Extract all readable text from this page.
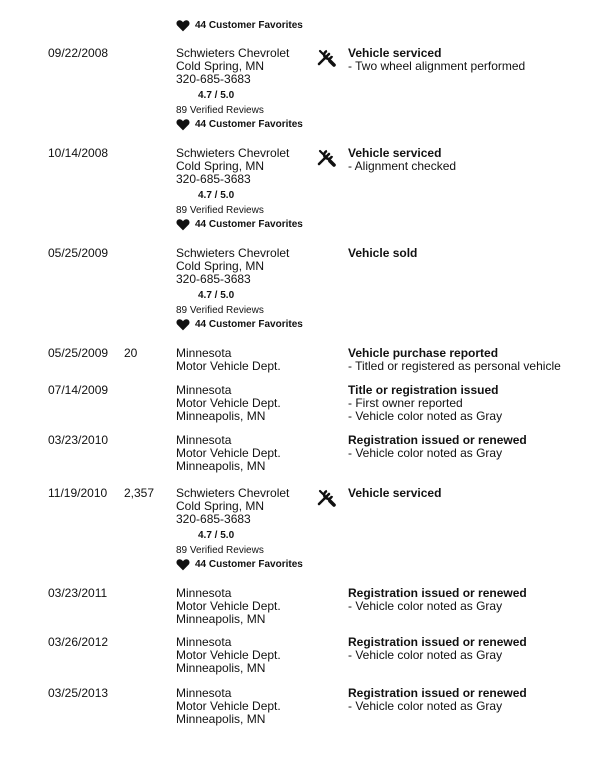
44 Customer Favorites
09/22/2008	Schwieters Chevrolet
Cold Spring, MN
320-685-3683
4.7 / 5.0
89 Verified Reviews
44 Customer Favorites
Vehicle serviced
- Two wheel alignment performed
10/14/2008	Schwieters Chevrolet
Cold Spring, MN
320-685-3683
4.7 / 5.0
89 Verified Reviews
44 Customer Favorites
Vehicle serviced
- Alignment checked
05/25/2009	Schwieters Chevrolet
Cold Spring, MN
320-685-3683
4.7 / 5.0
89 Verified Reviews
44 Customer Favorites
Vehicle sold
05/25/2009 20	Minnesota
Motor Vehicle Dept.
Vehicle purchase reported
- Titled or registered as personal vehicle
07/14/2009	Minnesota
Motor Vehicle Dept.
Minneapolis, MN
Title or registration issued
- First owner reported
- Vehicle color noted as Gray
03/23/2010	Minnesota
Motor Vehicle Dept.
Minneapolis, MN
Registration issued or renewed
- Vehicle color noted as Gray
11/19/2010 2,357 Schwieters Chevrolet
Cold Spring, MN
320-685-3683
4.7 / 5.0
89 Verified Reviews
44 Customer Favorites
Vehicle serviced
03/23/2011	Minnesota
Motor Vehicle Dept.
Minneapolis, MN
Registration issued or renewed
- Vehicle color noted as Gray
03/26/2012	Minnesota
Motor Vehicle Dept.
Minneapolis, MN
Registration issued or renewed
- Vehicle color noted as Gray
03/25/2013	Minnesota
Motor Vehicle Dept.
Minneapolis, MN
Registration issued or renewed
- Vehicle color noted as Gray
